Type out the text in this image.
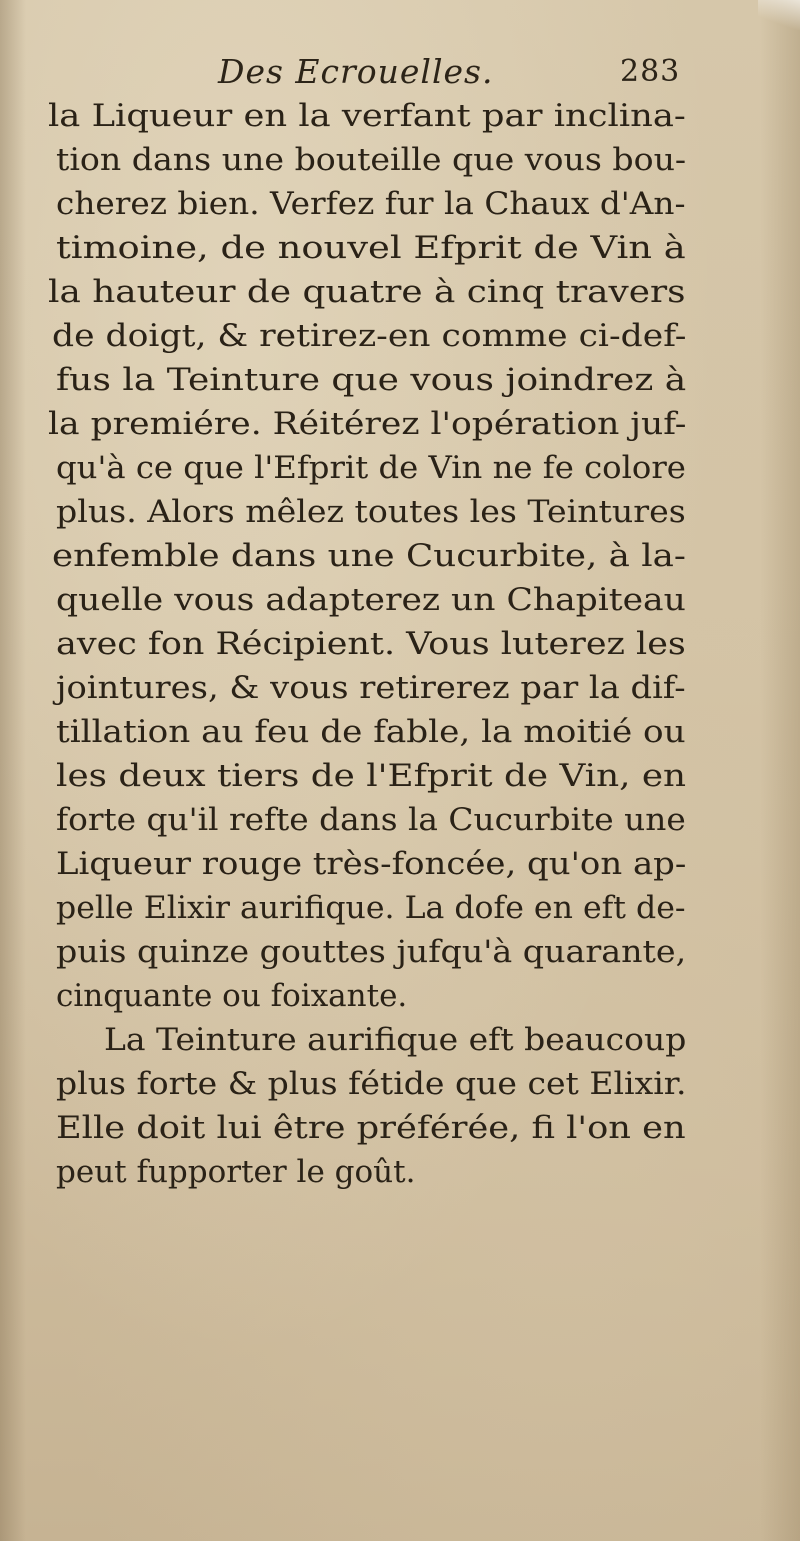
Des Ecrouelles.	283
la Liqueur en la verfant par inclina-
tion dans une bouteille que vous bou-
cherez bien. Verfez fur la Chaux d'An-
timoine, de nouvel Efprit de Vin à
la hauteur de quatre à cinq travers
de doigt, & retirez-en comme ci-def-
fus la Teinture que vous joindrez à
la premiére. Réitérez l'opération juf-
qu'à ce que l'Efprit de Vin ne fe colore
plus. Alors mêlez toutes les Teintures
enfemble dans une Cucurbite, à la-
quelle vous adapterez un Chapiteau
avec fon Récipient. Vous luterez les
jointures, & vous retirerez par la dif-
tillation au feu de fable, la moitié ou
les deux tiers de l'Efprit de Vin, en
forte qu'il refte dans la Cucurbite une
Liqueur rouge très-foncée, qu'on ap-
pelle Elixir aurifique. La dofe en eft de-
puis quinze gouttes jufqu'à quarante,
cinquante ou foixante.
La Teinture aurifique eft beaucoup
plus forte & plus fétide que cet Elixir.
Elle doit lui être préférée, fi l'on en
peut fupporter le goût.
